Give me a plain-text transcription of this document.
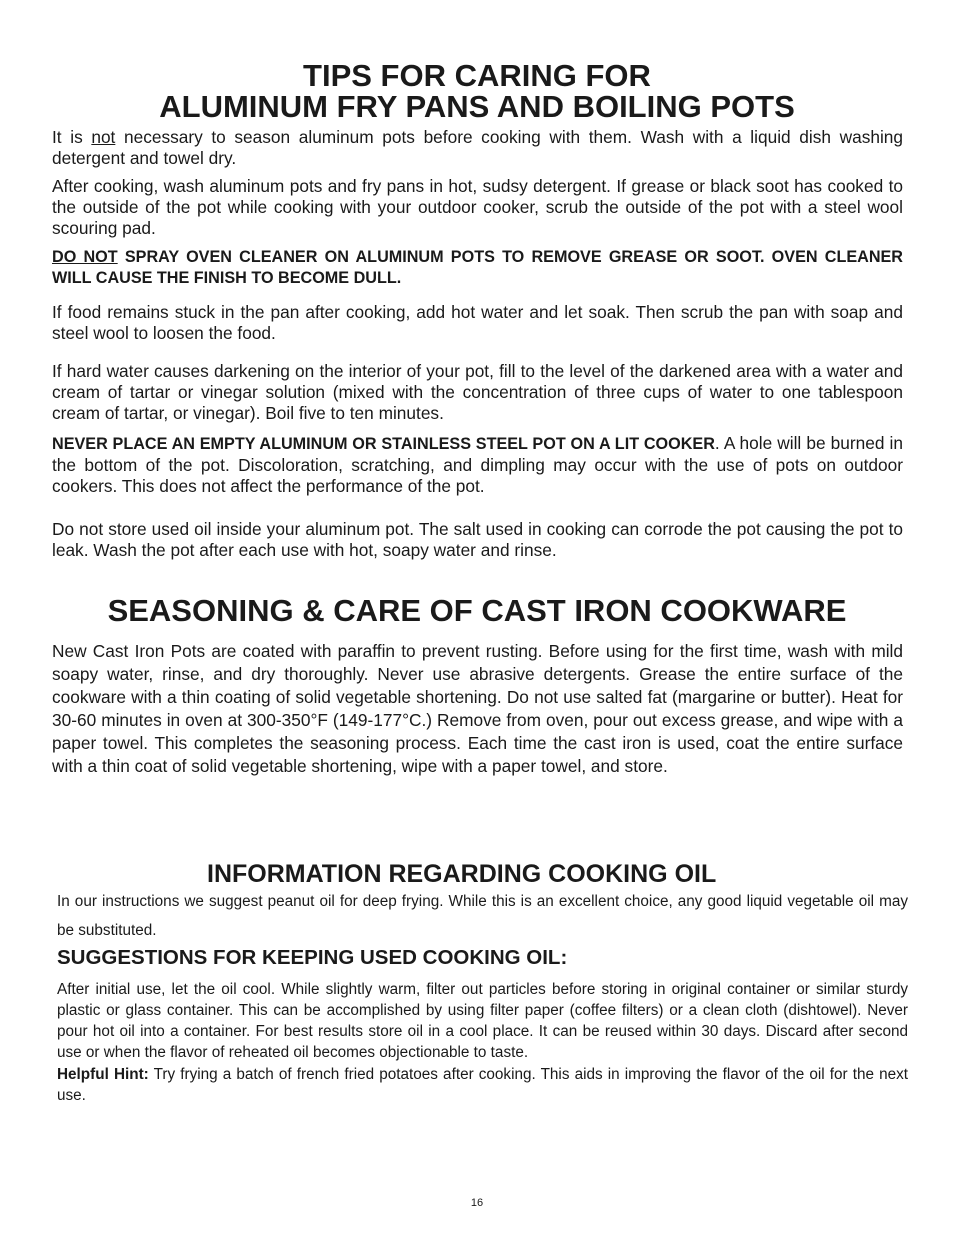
TIPS FOR CARING FOR
ALUMINUM FRY PANS AND BOILING POTS

It is not necessary to season aluminum pots before cooking with them. Wash with a liquid dish washing detergent and towel dry.

After cooking, wash aluminum pots and fry pans in hot, sudsy detergent. If grease or black soot has cooked to the outside of the pot while cooking with your outdoor cooker, scrub the outside of the pot with a steel wool scouring pad.

DO NOT SPRAY OVEN CLEANER ON ALUMINUM POTS TO REMOVE GREASE OR SOOT. OVEN CLEANER WILL CAUSE THE FINISH TO BECOME DULL.

If food remains stuck in the pan after cooking, add hot water and let soak. Then scrub the pan with soap and steel wool to loosen the food.

If hard water causes darkening on the interior of your pot, fill to the level of the darkened area with a water and cream of tartar or vinegar solution (mixed with the concentration of three cups of water to one tablespoon cream of tartar, or vinegar). Boil five to ten minutes.

NEVER PLACE AN EMPTY ALUMINUM OR STAINLESS STEEL POT ON A LIT COOKER. A hole will be burned in the bottom of the pot. Discoloration, scratching, and dimpling may occur with the use of pots on outdoor cookers. This does not affect the performance of the pot.

Do not store used oil inside your aluminum pot. The salt used in cooking can corrode the pot causing the pot to leak. Wash the pot after each use with hot, soapy water and rinse.

SEASONING & CARE OF CAST IRON COOKWARE

New Cast Iron Pots are coated with paraffin to prevent rusting. Before using for the first time, wash with mild soapy water, rinse, and dry thoroughly. Never use abrasive detergents. Grease the entire surface of the cookware with a thin coating of solid vegetable shortening. Do not use salted fat (margarine or butter). Heat for 30-60 minutes in oven at 300-350°F (149-177°C.) Remove from oven, pour out excess grease, and wipe with a paper towel. This completes the seasoning process. Each time the cast iron is used, coat the entire surface with a thin coat of solid vegetable shortening, wipe with a paper towel, and store.

INFORMATION REGARDING COOKING OIL

In our instructions we suggest peanut oil for deep frying. While this is an excellent choice, any good liquid vegetable oil may be substituted.

SUGGESTIONS FOR KEEPING USED COOKING OIL:

After initial use, let the oil cool. While slightly warm, filter out particles before storing in original container or similar sturdy plastic or glass container. This can be accomplished by using filter paper (coffee filters) or a clean cloth (dishtowel). Never pour hot oil into a container. For best results store oil in a cool place. It can be reused within 30 days. Discard after second use or when the flavor of reheated oil becomes objectionable to taste.

Helpful Hint: Try frying a batch of french fried potatoes after cooking. This aids in improving the flavor of the oil for the next use.

16
